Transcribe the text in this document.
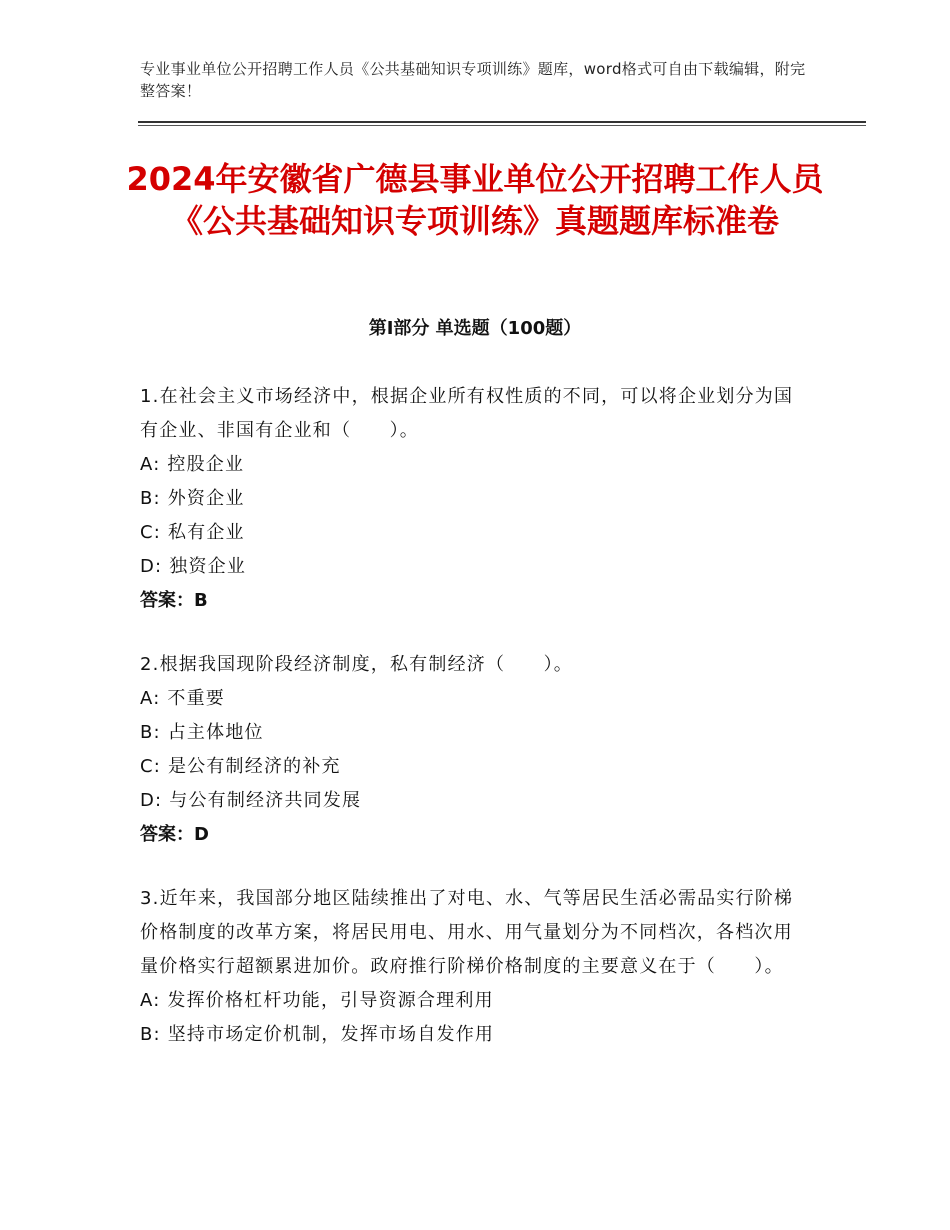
专业事业单位公开招聘工作人员《公共基础知识专项训练》题库，word格式可自由下载编辑，附完整答案！
2024年安徽省广德县事业单位公开招聘工作人员《公共基础知识专项训练》真题题库标准卷
第Ⅰ部分 单选题（100题）
1.在社会主义市场经济中，根据企业所有权性质的不同，可以将企业划分为国有企业、非国有企业和（　　）。
A: 控股企业
B: 外资企业
C: 私有企业
D: 独资企业
答案：B
2.根据我国现阶段经济制度，私有制经济（　　）。
A: 不重要
B: 占主体地位
C: 是公有制经济的补充
D: 与公有制经济共同发展
答案：D
3.近年来，我国部分地区陆续推出了对电、水、气等居民生活必需品实行阶梯价格制度的改革方案，将居民用电、用水、用气量划分为不同档次，各档次用量价格实行超额累进加价。政府推行阶梯价格制度的主要意义在于（　　）。
A: 发挥价格杠杆功能，引导资源合理利用
B: 坚持市场定价机制，发挥市场自发作用
